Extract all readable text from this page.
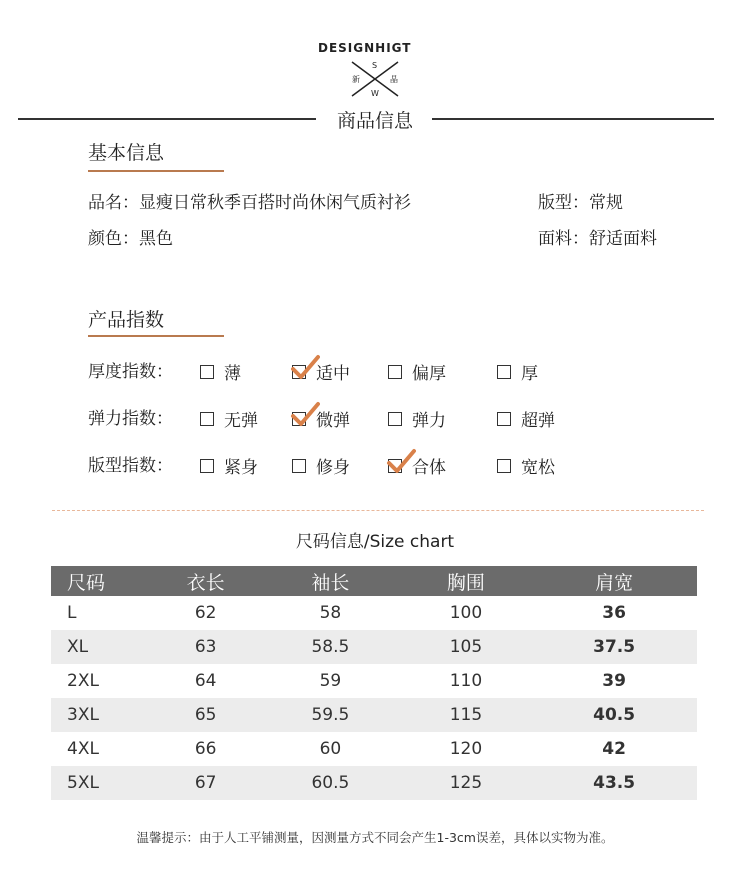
DESIGNHIGT
S
W
新	晶
商品信息
基本信息
品名：显瘦日常秋季百搭时尚休闲气质衬衫	版型：常规
颜色：黑色	面料：舒适面料
产品指数
厚度指数：	薄	适中	偏厚	厚
弹力指数：	无弹	微弹	弹力	超弹
版型指数：	紧身	修身	合体	宽松
尺码信息/Size chart
尺码	衣长	袖长	胸围	肩宽
L	62	58	100	36
XL	63	58.5	105	37.5
2XL	64	59	110	39
3XL	65	59.5	115	40.5
4XL	66	60	120	42
5XL	67	60.5	125	43.5
温馨提示：由于人工平铺测量，因测量方式不同会产生1-3cm误差，具体以实物为准。
